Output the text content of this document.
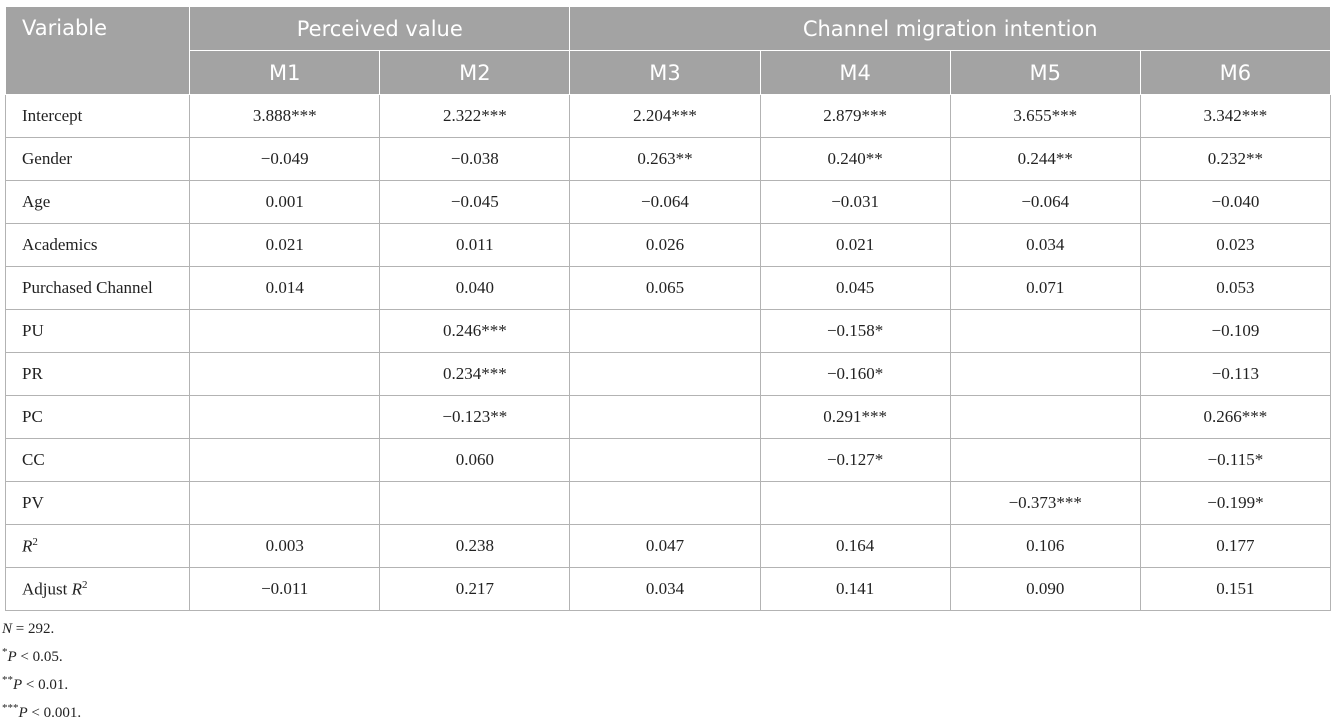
Variable	Perceived value		Channel migration intention			
	M1	M2	M3	M4	M5	M6
Intercept	3.888***	2.322***	2.204***	2.879***	3.655***	3.342***
Gender	−0.049	−0.038	0.263**	0.240**	0.244**	0.232**
Age	0.001	−0.045	−0.064	−0.031	−0.064	−0.040
Academics	0.021	0.011	0.026	0.021	0.034	0.023
Purchased Channel	0.014	0.040	0.065	0.045	0.071	0.053
PU		0.246***		−0.158*		−0.109
PR		0.234***		−0.160*		−0.113
PC		−0.123**		0.291***		0.266***
CC		0.060		−0.127*		−0.115*
PV					−0.373***	−0.199*
$R^2$	0.003	0.238	0.047	0.164	0.106	0.177
Adjust $R^2$	−0.011	0.217	0.034	0.141	0.090	0.151
N = 292.
*P < 0.05.
**P < 0.01.
***P < 0.001.
